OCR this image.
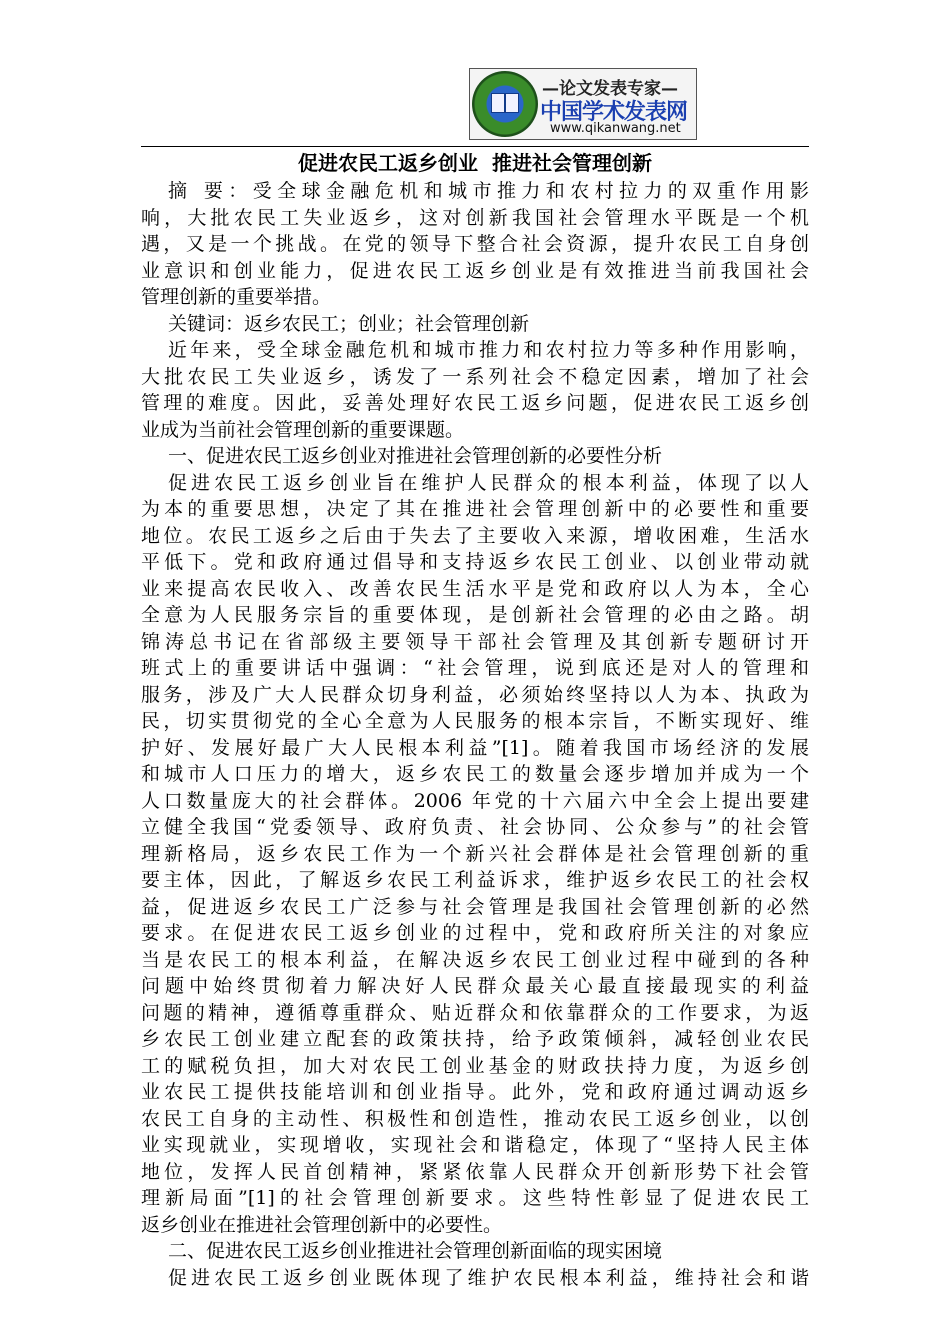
—论文发表专家—
中国学术发表网
www.qikanwang.net
促进农民工返乡创业  推进社会管理创新
摘 要：受全球金融危机和城市推力和农村拉力的双重作用影
响，大批农民工失业返乡，这对创新我国社会管理水平既是一个机
遇，又是一个挑战。在党的领导下整合社会资源，提升农民工自身创
业意识和创业能力，促进农民工返乡创业是有效推进当前我国社会
管理创新的重要举措。
关键词：返乡农民工；创业；社会管理创新
近年来，受全球金融危机和城市推力和农村拉力等多种作用影响，
大批农民工失业返乡，诱发了一系列社会不稳定因素，增加了社会
管理的难度。因此，妥善处理好农民工返乡问题，促进农民工返乡创
业成为当前社会管理创新的重要课题。
一、促进农民工返乡创业对推进社会管理创新的必要性分析
促进农民工返乡创业旨在维护人民群众的根本利益，体现了以人
为本的重要思想，决定了其在推进社会管理创新中的必要性和重要
地位。农民工返乡之后由于失去了主要收入来源，增收困难，生活水
平低下。党和政府通过倡导和支持返乡农民工创业、以创业带动就
业来提高农民收入、改善农民生活水平是党和政府以人为本，全心
全意为人民服务宗旨的重要体现，是创新社会管理的必由之路。胡
锦涛总书记在省部级主要领导干部社会管理及其创新专题研讨开
班式上的重要讲话中强调：“社会管理，说到底还是对人的管理和
服务，涉及广大人民群众切身利益，必须始终坚持以人为本、执政为
民，切实贯彻党的全心全意为人民服务的根本宗旨，不断实现好、维
护好、发展好最广大人民根本利益”[1]。随着我国市场经济的发展
和城市人口压力的增大，返乡农民工的数量会逐步增加并成为一个
人口数量庞大的社会群体。2006 年党的十六届六中全会上提出要建
立健全我国“党委领导、政府负责、社会协同、公众参与”的社会管
理新格局，返乡农民工作为一个新兴社会群体是社会管理创新的重
要主体，因此，了解返乡农民工利益诉求，维护返乡农民工的社会权
益，促进返乡农民工广泛参与社会管理是我国社会管理创新的必然
要求。在促进农民工返乡创业的过程中，党和政府所关注的对象应
当是农民工的根本利益，在解决返乡农民工创业过程中碰到的各种
问题中始终贯彻着力解决好人民群众最关心最直接最现实的利益
问题的精神，遵循尊重群众、贴近群众和依靠群众的工作要求，为返
乡农民工创业建立配套的政策扶持，给予政策倾斜，减轻创业农民
工的赋税负担，加大对农民工创业基金的财政扶持力度，为返乡创
业农民工提供技能培训和创业指导。此外，党和政府通过调动返乡
农民工自身的主动性、积极性和创造性，推动农民工返乡创业，以创
业实现就业，实现增收，实现社会和谐稳定，体现了“坚持人民主体
地位，发挥人民首创精神，紧紧依靠人民群众开创新形势下社会管
理新局面”[1]的社会管理创新要求。这些特性彰显了促进农民工
返乡创业在推进社会管理创新中的必要性。
二、促进农民工返乡创业推进社会管理创新面临的现实困境
促进农民工返乡创业既体现了维护农民根本利益，维持社会和谐
